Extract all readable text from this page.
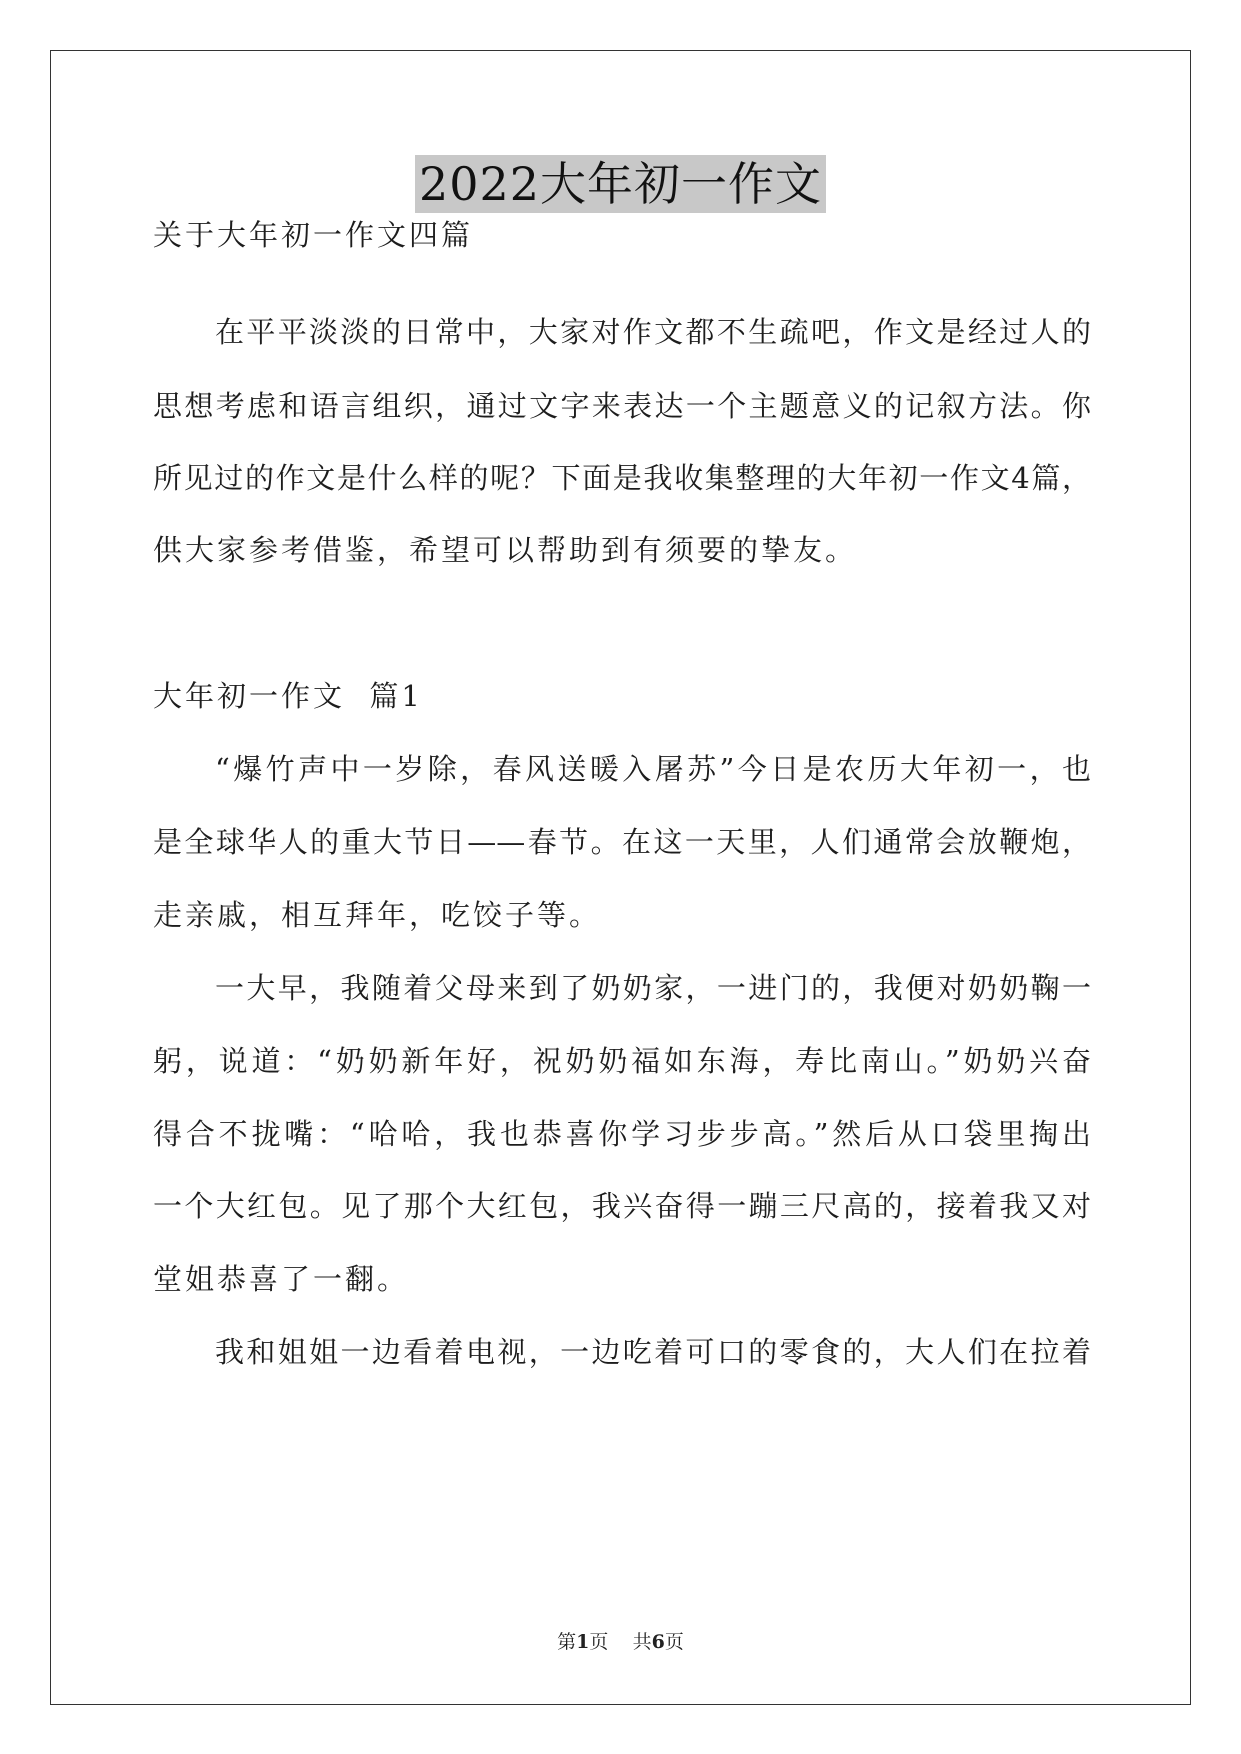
2022大年初一作文
关于大年初一作文四篇
在平平淡淡的日常中，大家对作文都不生疏吧，作文是经过人的
思想考虑和语言组织，通过文字来表达一个主题意义的记叙方法。你
所见过的作文是什么样的呢？下面是我收集整理的大年初一作文4篇，
供大家参考借鉴，希望可以帮助到有须要的挚友。
大年初一作文  篇1
“爆竹声中一岁除，春风送暖入屠苏”今日是农历大年初一，也
是全球华人的重大节日——春节。在这一天里，人们通常会放鞭炮，
走亲戚，相互拜年，吃饺子等。
一大早，我随着父母来到了奶奶家，一进门的，我便对奶奶鞠一
躬，说道：“奶奶新年好，祝奶奶福如东海，寿比南山。”奶奶兴奋
得合不拢嘴：“哈哈，我也恭喜你学习步步高。”然后从口袋里掏出
一个大红包。见了那个大红包，我兴奋得一蹦三尺高的，接着我又对
堂姐恭喜了一翻。
我和姐姐一边看着电视，一边吃着可口的零食的，大人们在拉着
第1页    共6页
